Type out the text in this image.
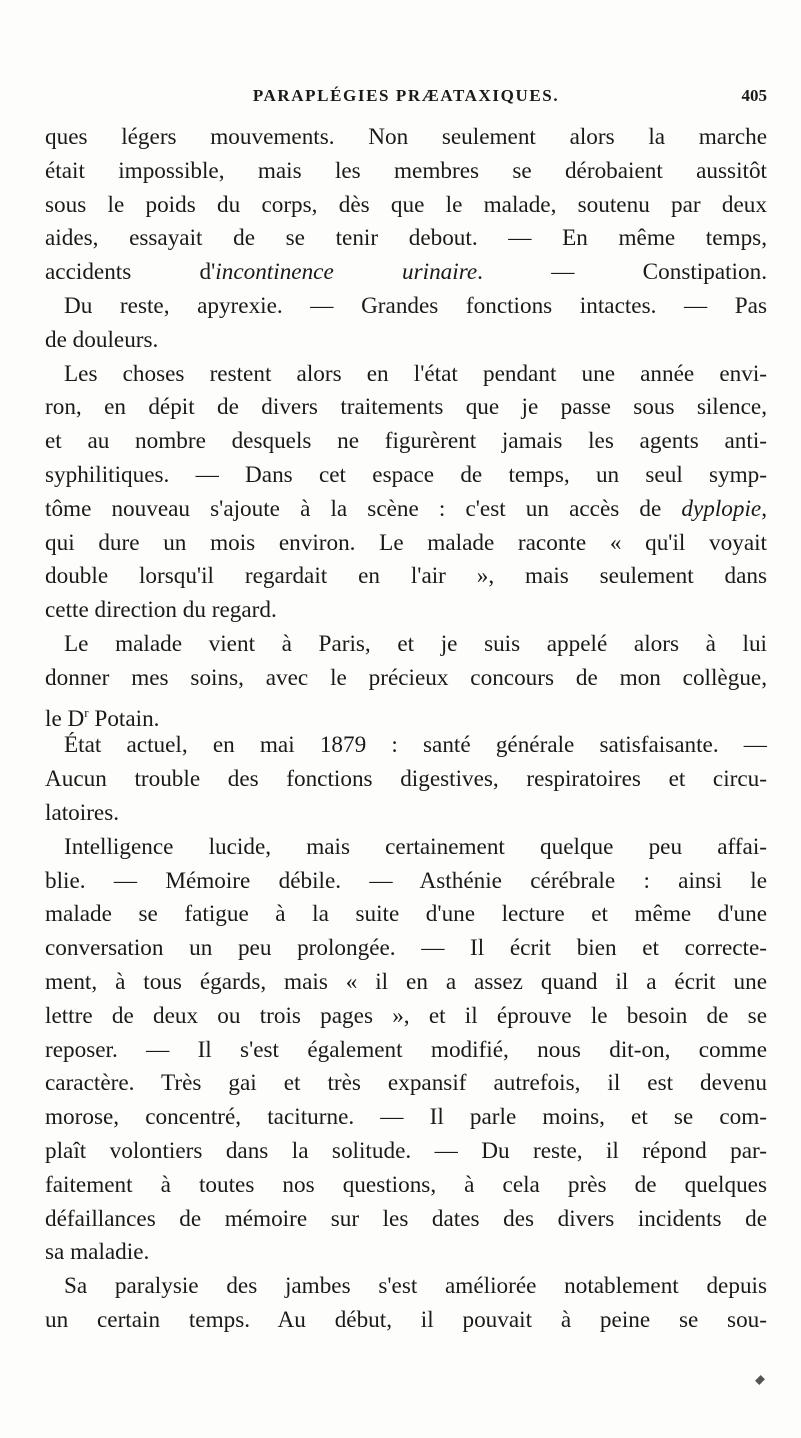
PARAPLÉGIES PRÆATAXIQUES.	405
ques légers mouvements. Non seulement alors la marche
était impossible, mais les membres se dérobaient aussitôt
sous le poids du corps, dès que le malade, soutenu par deux
aides, essayait de se tenir debout. — En même temps,
accidents d'incontinence urinaire. — Constipation.
Du reste, apyrexie. — Grandes fonctions intactes. — Pas
de douleurs.
Les choses restent alors en l'état pendant une année envi-
ron, en dépit de divers traitements que je passe sous silence,
et au nombre desquels ne figurèrent jamais les agents anti-
syphilitiques. — Dans cet espace de temps, un seul symp-
tôme nouveau s'ajoute à la scène : c'est un accès de dyplopie,
qui dure un mois environ. Le malade raconte « qu'il voyait
double lorsqu'il regardait en l'air », mais seulement dans
cette direction du regard.
Le malade vient à Paris, et je suis appelé alors à lui
donner mes soins, avec le précieux concours de mon collègue,
le $D^r$ Potain.
État actuel, en mai 1879 : santé générale satisfaisante. —
Aucun trouble des fonctions digestives, respiratoires et circu-
latoires.
Intelligence lucide, mais certainement quelque peu affai-
blie. — Mémoire débile. — Asthénie cérébrale : ainsi le
malade se fatigue à la suite d'une lecture et même d'une
conversation un peu prolongée. — Il écrit bien et correcte-
ment, à tous égards, mais « il en a assez quand il a écrit une
lettre de deux ou trois pages », et il éprouve le besoin de se
reposer. — Il s'est également modifié, nous dit-on, comme
caractère. Très gai et très expansif autrefois, il est devenu
morose, concentré, taciturne. — Il parle moins, et se com-
plaît volontiers dans la solitude. — Du reste, il répond par-
faitement à toutes nos questions, à cela près de quelques
défaillances de mémoire sur les dates des divers incidents de
sa maladie.
Sa paralysie des jambes s'est améliorée notablement depuis
un certain temps. Au début, il pouvait à peine se sou-
